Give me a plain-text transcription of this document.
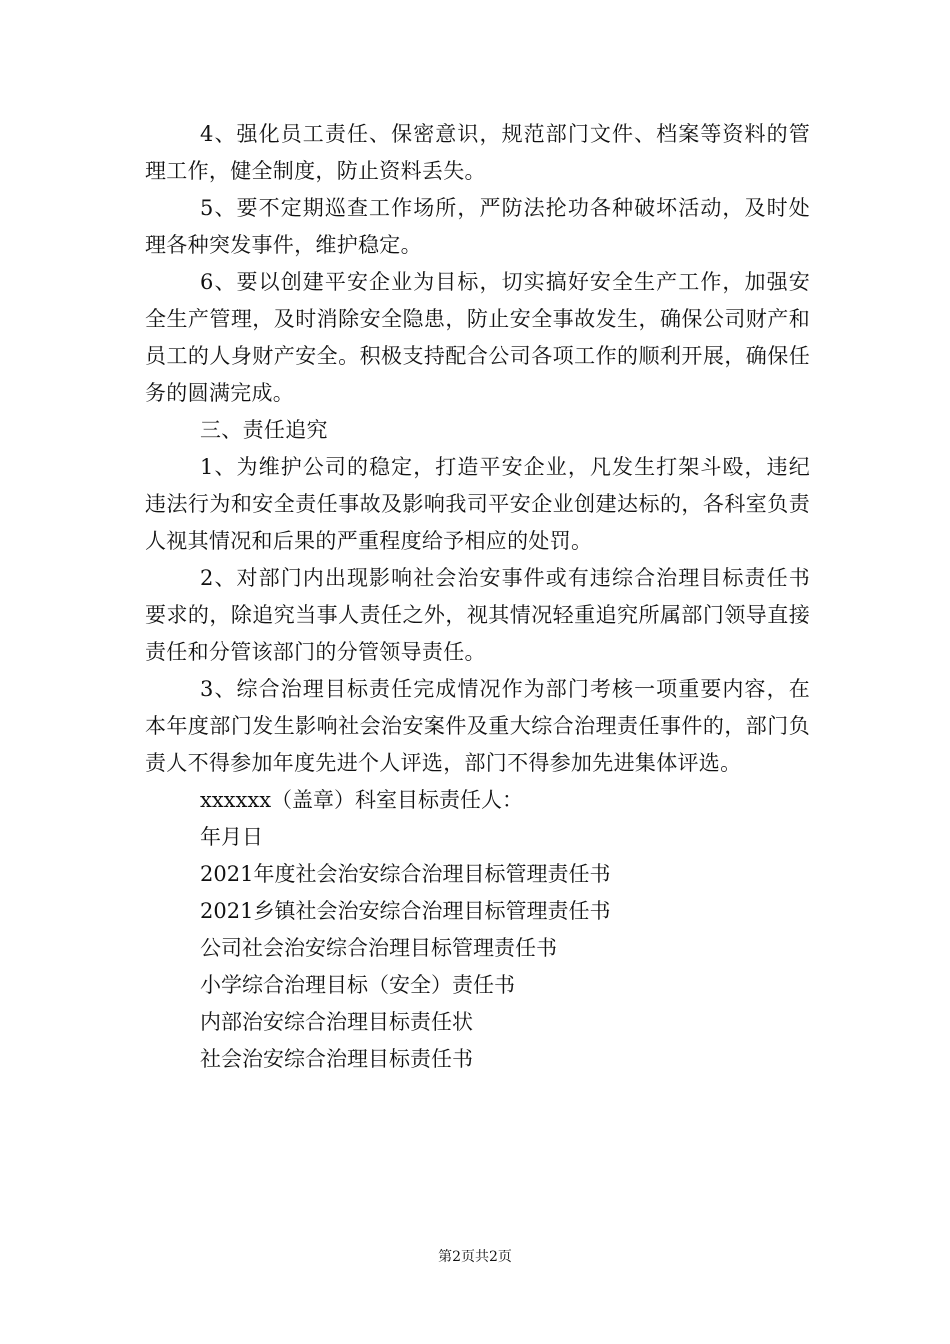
4、强化员工责任、保密意识，规范部门文件、档案等资料的管理工作，健全制度，防止资料丢失。

5、要不定期巡查工作场所，严防法抡功各种破坏活动，及时处理各种突发事件，维护稳定。

6、要以创建平安企业为目标，切实搞好安全生产工作，加强安全生产管理，及时消除安全隐患，防止安全事故发生，确保公司财产和员工的人身财产安全。积极支持配合公司各项工作的顺利开展，确保任务的圆满完成。

三、责任追究

1、为维护公司的稳定，打造平安企业，凡发生打架斗殴，违纪违法行为和安全责任事故及影响我司平安企业创建达标的，各科室负责人视其情况和后果的严重程度给予相应的处罚。

2、对部门内出现影响社会治安事件或有违综合治理目标责任书要求的，除追究当事人责任之外，视其情况轻重追究所属部门领导直接责任和分管该部门的分管领导责任。

3、综合治理目标责任完成情况作为部门考核一项重要内容，在本年度部门发生影响社会治安案件及重大综合治理责任事件的，部门负责人不得参加年度先进个人评选，部门不得参加先进集体评选。

xxxxxx（盖章）科室目标责任人：

年月日

2021年度社会治安综合治理目标管理责任书

2021乡镇社会治安综合治理目标管理责任书

公司社会治安综合治理目标管理责任书

小学综合治理目标（安全）责任书

内部治安综合治理目标责任状

社会治安综合治理目标责任书

第2页共2页
